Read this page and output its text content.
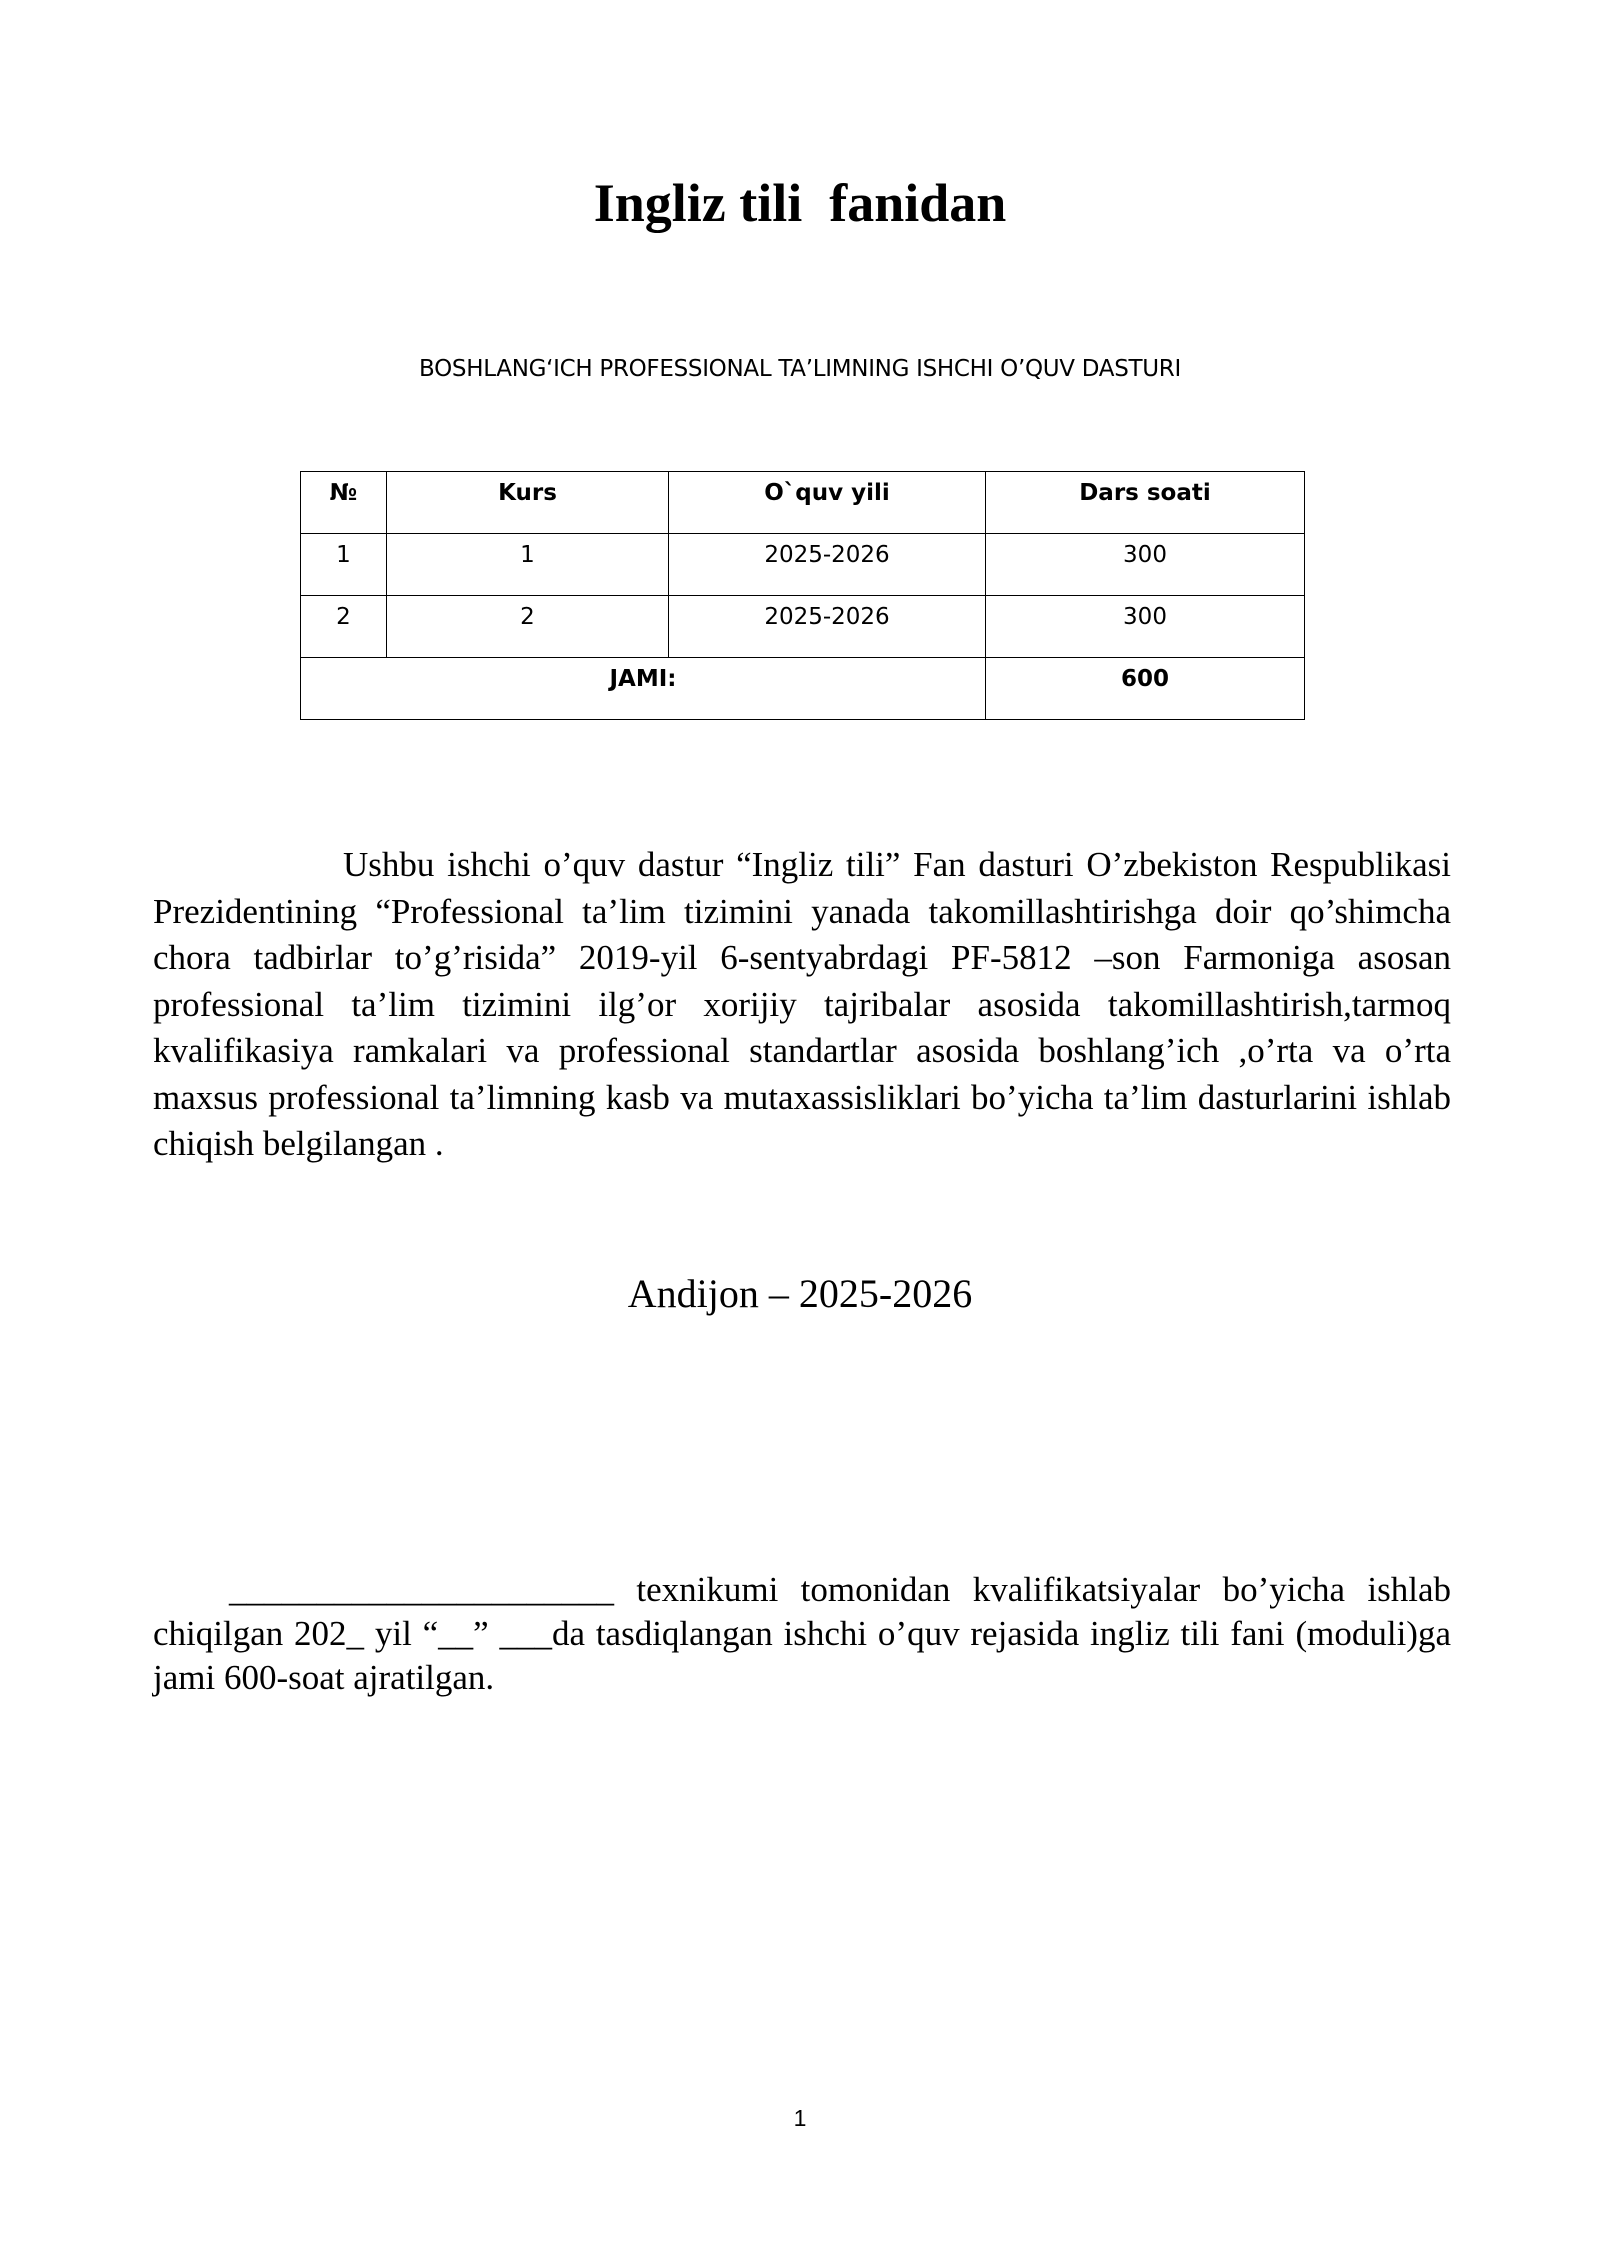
Ingliz tili  fanidan
BOSHLANG‘ICH PROFESSIONAL TA’LIMNING ISHCHI O’QUV DASTURI
№	Kurs	O`quv yili	Dars soati
1	1	2025-2026	300
2	2	2025-2026	300
JAMI:			600
Ushbu ishchi o’quv dastur “Ingliz tili” Fan dasturi O’zbekiston Respublikasi Prezidentining “Professional ta’lim tizimini yanada takomillashtirishga doir qo’shimcha chora tadbirlar to’g’risida” 2019-yil 6-sentyabrdagi PF-5812 –son Farmoniga asosan professional ta’lim tizimini ilg’or xorijiy tajribalar asosida takomillashtirish,tarmoq kvalifikasiya ramkalari va professional standartlar asosida boshlang’ich ,o’rta va o’rta maxsus professional ta’limning kasb va mutaxassisliklari bo’yicha ta’lim dasturlarini ishlab chiqish belgilangan .
Andijon – 2025-2026
______________________ texnikumi tomonidan kvalifikatsiyalar bo’yicha ishlab chiqilgan 202_ yil “__” ___da tasdiqlangan ishchi o’quv rejasida ingliz tili fani (moduli)ga jami 600-soat ajratilgan.
1
